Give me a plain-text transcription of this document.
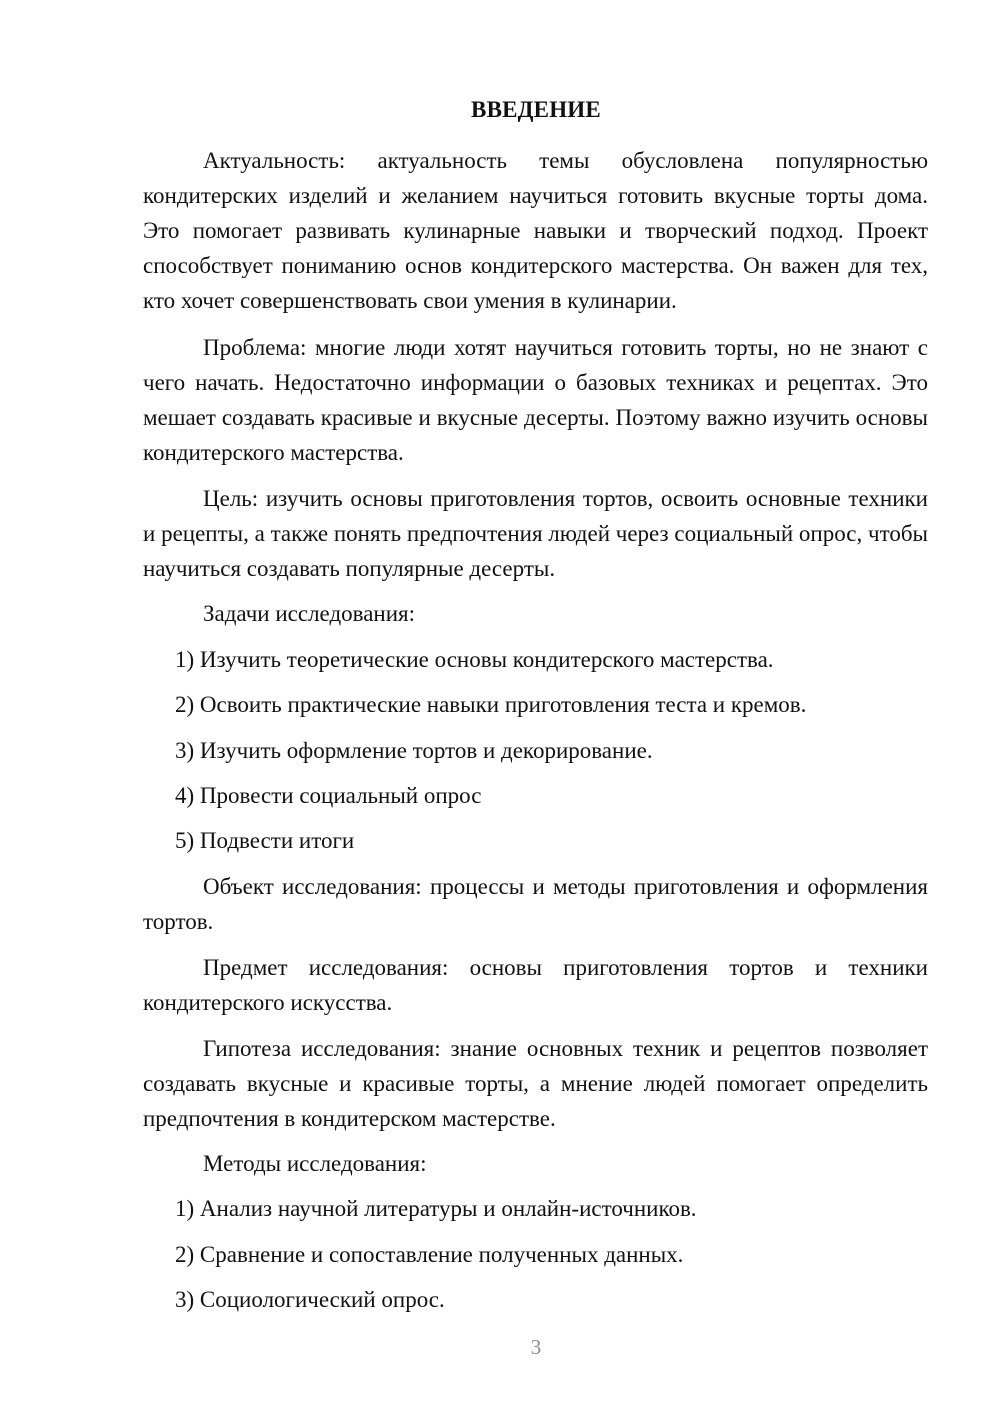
ВВЕДЕНИЕ

Актуальность: актуальность темы обусловлена популярностью кондитерских изделий и желанием научиться готовить вкусные торты дома. Это помогает развивать кулинарные навыки и творческий подход. Проект способствует пониманию основ кондитерского мастерства. Он важен для тех, кто хочет совершенствовать свои умения в кулинарии.

Проблема: многие люди хотят научиться готовить торты, но не знают с чего начать. Недостаточно информации о базовых техниках и рецептах. Это мешает создавать красивые и вкусные десерты. Поэтому важно изучить основы кондитерского мастерства.

Цель: изучить основы приготовления тортов, освоить основные техники и рецепты, а также понять предпочтения людей через социальный опрос, чтобы научиться создавать популярные десерты.

Задачи исследования:

1) Изучить теоретические основы кондитерского мастерства.

2) Освоить практические навыки приготовления теста и кремов.

3) Изучить оформление тортов и декорирование.

4) Провести социальный опрос

5) Подвести итоги

Объект исследования: процессы и методы приготовления и оформления тортов.

Предмет исследования: основы приготовления тортов и техники кондитерского искусства.

Гипотеза исследования: знание основных техник и рецептов позволяет создавать вкусные и красивые торты, а мнение людей помогает определить предпочтения в кондитерском мастерстве.

Методы исследования:

1) Анализ научной литературы и онлайн-источников.

2) Сравнение и сопоставление полученных данных.

3) Социологический опрос.

3
